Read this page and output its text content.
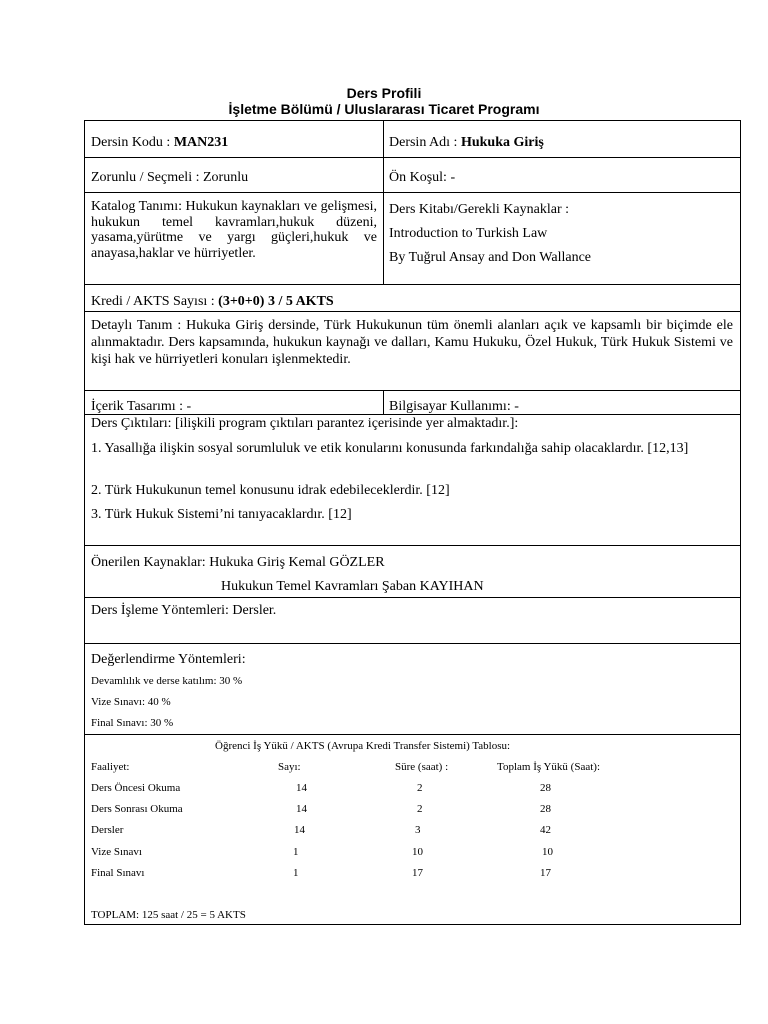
Ders Profili
İşletme Bölümü / Uluslararası Ticaret Programı
Dersin Kodu : MAN231	Dersin Adı : Hukuka Giriş
Zorunlu / Seçmeli : Zorunlu	Ön Koşul: -
Katalog Tanımı: Hukukun kaynakları ve gelişmesi, hukukun temel kavramları,hukuk düzeni, yasama,yürütme ve yargı güçleri,hukuk ve anayasa,haklar ve hürriyetler.
Ders Kitabı/Gerekli Kaynaklar :
Introduction to Turkish Law
By Tuğrul Ansay and Don Wallance
Kredi / AKTS Sayısı : (3+0+0) 3 / 5 AKTS
Detaylı Tanım : Hukuka Giriş dersinde, Türk Hukukunun tüm önemli alanları açık ve kapsamlı bir biçimde ele alınmaktadır. Ders kapsamında, hukukun kaynağı ve dalları, Kamu Hukuku, Özel Hukuk, Türk Hukuk Sistemi ve kişi hak ve hürriyetleri konuları işlenmektedir.
İçerik Tasarımı : -	Bilgisayar Kullanımı: -
Ders Çıktıları: [ilişkili program çıktıları parantez içerisinde yer almaktadır.]:
1. Yasallığa ilişkin sosyal sorumluluk ve etik konularını konusunda farkındalığa sahip olacaklardır. [12,13]
2. Türk Hukukunun temel konusunu idrak edebileceklerdir. [12]
3. Türk Hukuk Sistemi’ni tanıyacaklardır. [12]
Önerilen Kaynaklar: Hukuka Giriş Kemal GÖZLER
Hukukun Temel Kavramları Şaban KAYIHAN
Ders İşleme Yöntemleri: Dersler.
Değerlendirme Yöntemleri:
Devamlılık ve derse katılım: 30 %
Vize Sınavı: 40 %
Final Sınavı: 30 %
Öğrenci İş Yükü / AKTS (Avrupa Kredi Transfer Sistemi) Tablosu:
Faaliyet:	Sayı:	Süre (saat) :	Toplam İş Yükü (Saat):
Ders Öncesi Okuma	14	2	28
Ders Sonrası Okuma	14	2	28
Dersler	14	3	42
Vize Sınavı	1	10	10
Final Sınavı	1	17	17
TOPLAM: 125 saat / 25 = 5 AKTS
